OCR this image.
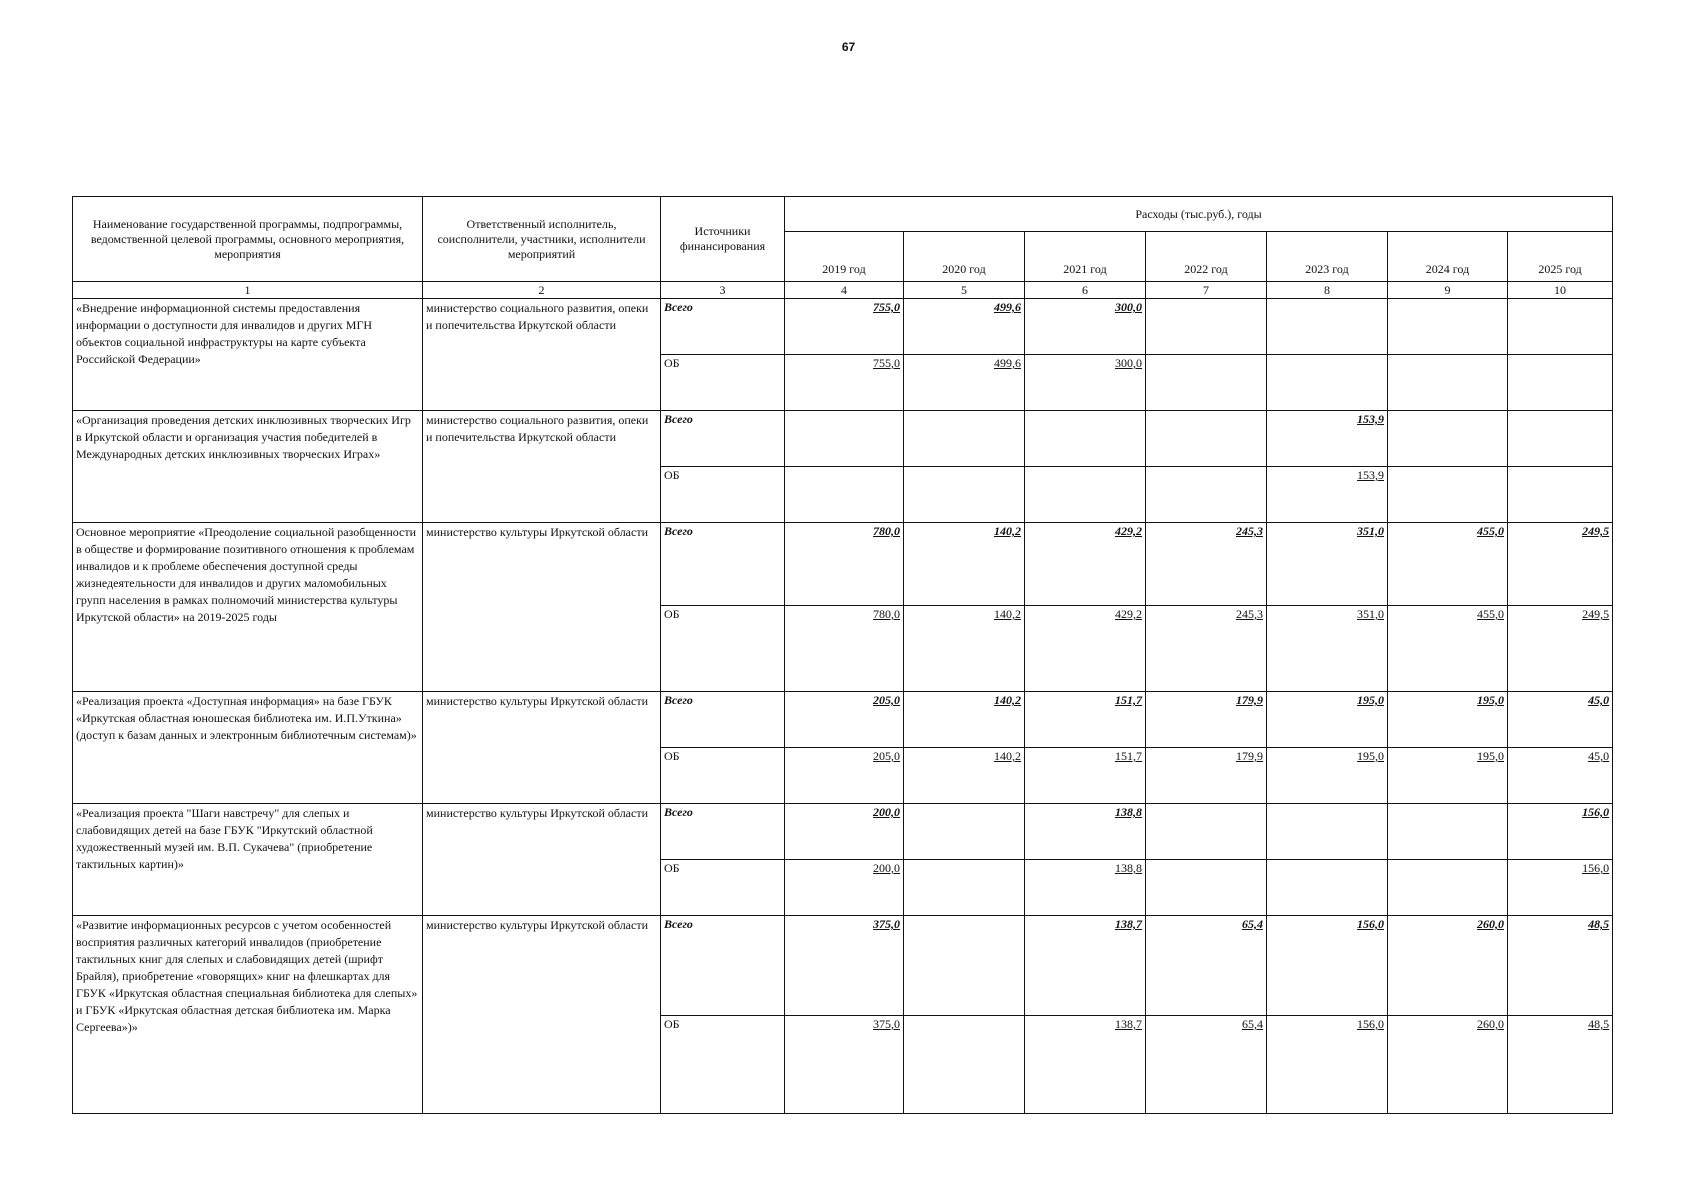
67
Наименование государственной программы, подпрограммы, ведомственной целевой программы, основного мероприятия, мероприятия	Ответственный исполнитель, соисполнители, участники, исполнители мероприятий	Источники финансирования	Расходы (тыс.руб.), годы						
			2019 год	2020 год	2021 год	2022 год	2023 год	2024 год	2025 год
1	2	3	4	5	6	7	8	9	10
«Внедрение информационной системы предоставления информации о доступности для инвалидов и других МГН объектов социальной инфраструктуры на карте субъекта Российской Федерации»	министерство социального развития, опеки и попечительства Иркутской области	Всего	755,0	499,6	300,0				
		ОБ	755,0	499,6	300,0				
«Организация проведения детских инклюзивных творческих Игр в Иркутской области и организация участия победителей в Международных детских инклюзивных творческих Играх»	министерство социального развития, опеки и попечительства Иркутской области	Всего					153,9		
		ОБ					153,9		
Основное мероприятие «Преодоление социальной разобщенности в обществе и формирование позитивного отношения к проблемам инвалидов и к проблеме обеспечения доступной среды жизнедеятельности для инвалидов и других маломобильных групп населения в рамках полномочий министерства культуры Иркутской области» на 2019-2025 годы	министерство культуры Иркутской области	Всего	780,0	140,2	429,2	245,3	351,0	455,0	249,5
		ОБ	780,0	140,2	429,2	245,3	351,0	455,0	249,5
«Реализация проекта «Доступная информация» на базе ГБУК «Иркутская областная юношеская библиотека им. И.П.Уткина» (доступ к базам данных и электронным библиотечным системам)»	министерство культуры Иркутской области	Всего	205,0	140,2	151,7	179,9	195,0	195,0	45,0
		ОБ	205,0	140,2	151,7	179,9	195,0	195,0	45,0
«Реализация проекта "Шаги навстречу" для слепых и слабовидящих детей на базе ГБУК "Иркутский областной художественный музей им. В.П. Сукачева" (приобретение тактильных картин)»	министерство культуры Иркутской области	Всего	200,0		138,8				156,0
		ОБ	200,0		138,8				156,0
«Развитие информационных ресурсов с учетом особенностей восприятия различных категорий инвалидов (приобретение тактильных книг для слепых и слабовидящих детей (шрифт Брайля), приобретение «говорящих» книг на флешкартах для ГБУК «Иркутская областная специальная библиотека для слепых» и ГБУК «Иркутская областная детская библиотека им. Марка Сергеева»)»	министерство культуры Иркутской области	Всего	375,0		138,7	65,4	156,0	260,0	48,5
		ОБ	375,0		138,7	65,4	156,0	260,0	48,5
